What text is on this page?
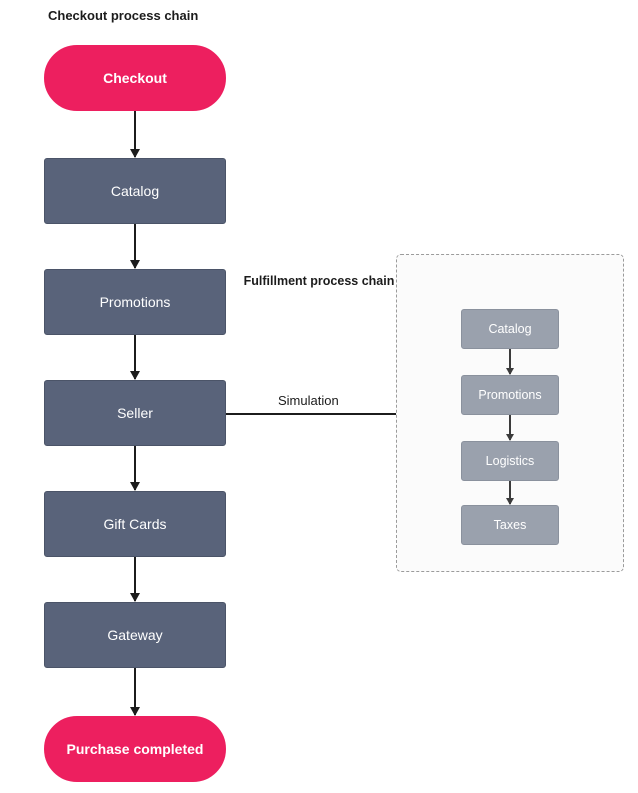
Checkout process chain
Checkout
Catalog
Promotions
Seller
Gift Cards
Gateway
Purchase completed
Simulation
Fulfillment process chain
Catalog
Promotions
Logistics
Taxes
